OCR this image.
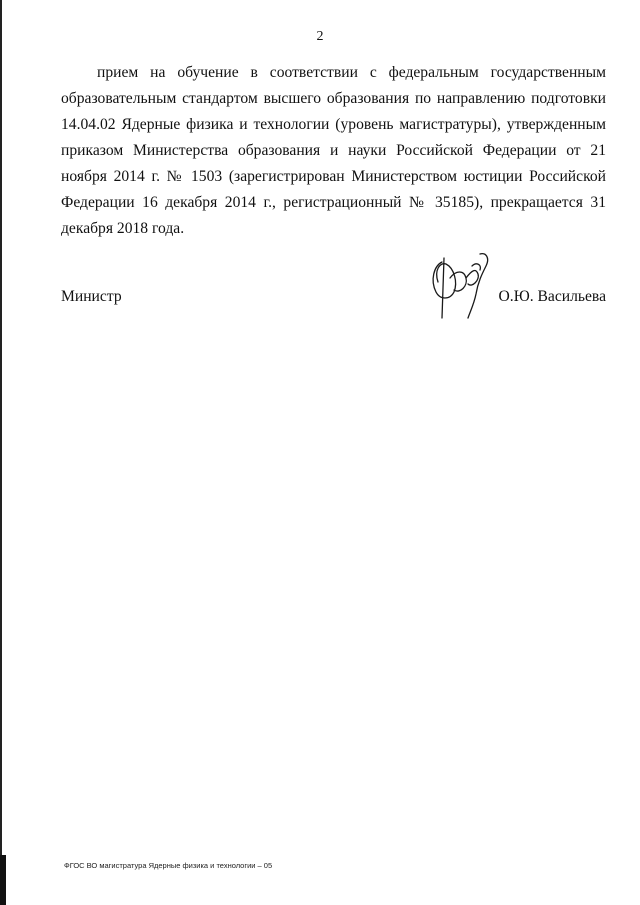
2

прием на обучение в соответствии с федеральным государственным образовательным стандартом высшего образования по направлению подготовки 14.04.02 Ядерные физика и технологии (уровень магистратуры), утвержденным приказом Министерства образования и науки Российской Федерации от 21 ноября 2014 г. № 1503 (зарегистрирован Министерством юстиции Российской Федерации 16 декабря 2014 г., регистрационный № 35185), прекращается 31 декабря 2018 года.

Министр	О.Ю. Васильева
ФГОС ВО магистратура Ядерные физика и технологии – 05
